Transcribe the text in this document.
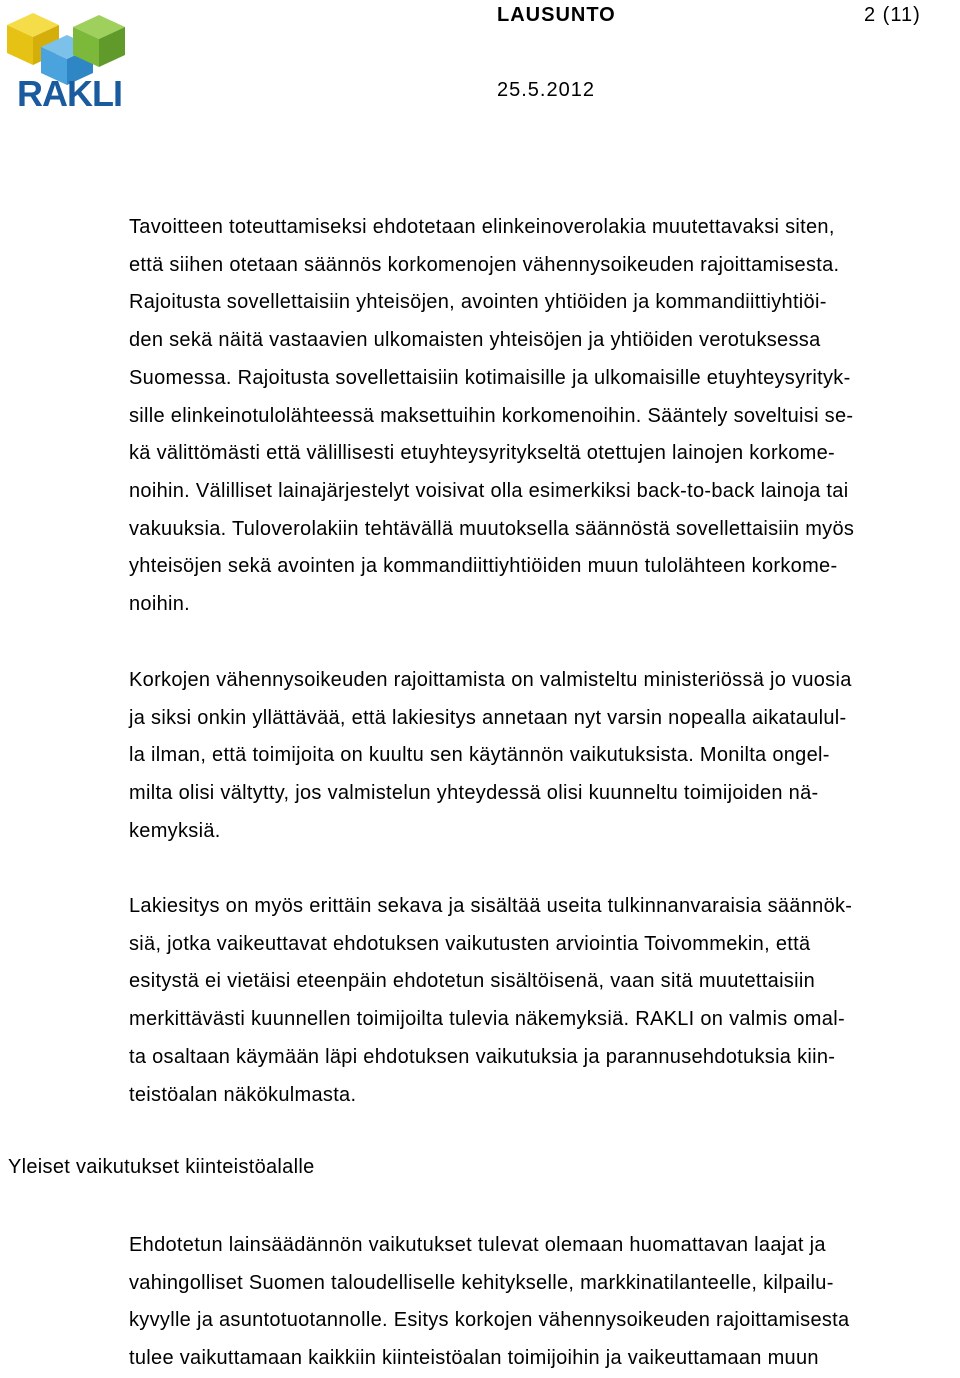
RAKLI
LAUSUNTO	2 (11)
25.5.2012
Tavoitteen toteuttamiseksi ehdotetaan elinkeinoverolakia muutettavaksi siten,
että siihen otetaan säännös korkomenojen vähennysoikeuden rajoittamisesta.
Rajoitusta sovellettaisiin yhteisöjen, avointen yhtiöiden ja kommandiittiyhtiöi-
den sekä näitä vastaavien ulkomaisten yhteisöjen ja yhtiöiden verotuksessa
Suomessa. Rajoitusta sovellettaisiin kotimaisille ja ulkomaisille etuyhteysyrityk-
sille elinkeinotulolähteessä maksettuihin korkomenoihin. Sääntely soveltuisi se-
kä välittömästi että välillisesti etuyhteysyritykseltä otettujen lainojen korkome-
noihin. Välilliset lainajärjestelyt voisivat olla esimerkiksi back-to-back lainoja tai
vakuuksia. Tuloverolakiin tehtävällä muutoksella säännöstä sovellettaisiin myös
yhteisöjen sekä avointen ja kommandiittiyhtiöiden muun tulolähteen korkome-
noihin.
Korkojen vähennysoikeuden rajoittamista on valmisteltu ministeriössä jo vuosia
ja siksi onkin yllättävää, että lakiesitys annetaan nyt varsin nopealla aikataulul-
la ilman, että toimijoita on kuultu sen käytännön vaikutuksista. Monilta ongel-
milta olisi vältytty, jos valmistelun yhteydessä olisi kuunneltu toimijoiden nä-
kemyksiä.
Lakiesitys on myös erittäin sekava ja sisältää useita tulkinnanvaraisia säännök-
siä, jotka vaikeuttavat ehdotuksen vaikutusten arviointia Toivommekin, että
esitystä ei vietäisi eteenpäin ehdotetun sisältöisenä, vaan sitä muutettaisiin
merkittävästi kuunnellen toimijoilta tulevia näkemyksiä. RAKLI on valmis omal-
ta osaltaan käymään läpi ehdotuksen vaikutuksia ja parannusehdotuksia kiin-
teistöalan näkökulmasta.
Yleiset vaikutukset kiinteistöalalle
Ehdotetun lainsäädännön vaikutukset tulevat olemaan huomattavan laajat ja
vahingolliset Suomen taloudelliselle kehitykselle, markkinatilanteelle, kilpailu-
kyvylle ja asuntotuotannolle. Esitys korkojen vähennysoikeuden rajoittamisesta
tulee vaikuttamaan kaikkiin kiinteistöalan toimijoihin ja vaikeuttamaan muun
